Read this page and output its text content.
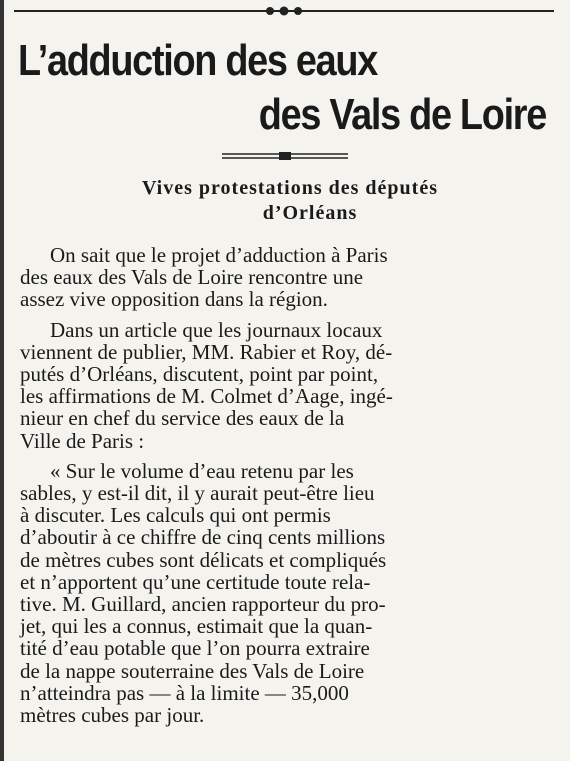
L’adduction des eaux
des Vals de Loire
Vives protestations des députés
d’Orléans

On sait que le projet d’adduction à Paris
des eaux des Vals de Loire rencontre une
assez vive opposition dans la région.

Dans un article que les journaux locaux
viennent de publier, MM. Rabier et Roy, dé-
putés d’Orléans, discutent, point par point,
les affirmations de M. Colmet d’Aage, ingé-
nieur en chef du service des eaux de la
Ville de Paris :

« Sur le volume d’eau retenu par les
sables, y est-il dit, il y aurait peut-être lieu
à discuter. Les calculs qui ont permis
d’aboutir à ce chiffre de cinq cents millions
de mètres cubes sont délicats et compliqués
et n’apportent qu’une certitude toute rela-
tive. M. Guillard, ancien rapporteur du pro-
jet, qui les a connus, estimait que la quan-
tité d’eau potable que l’on pourra extraire
de la nappe souterraine des Vals de Loire
n’atteindra pas — à la limite — 35,000
mètres cubes par jour.
